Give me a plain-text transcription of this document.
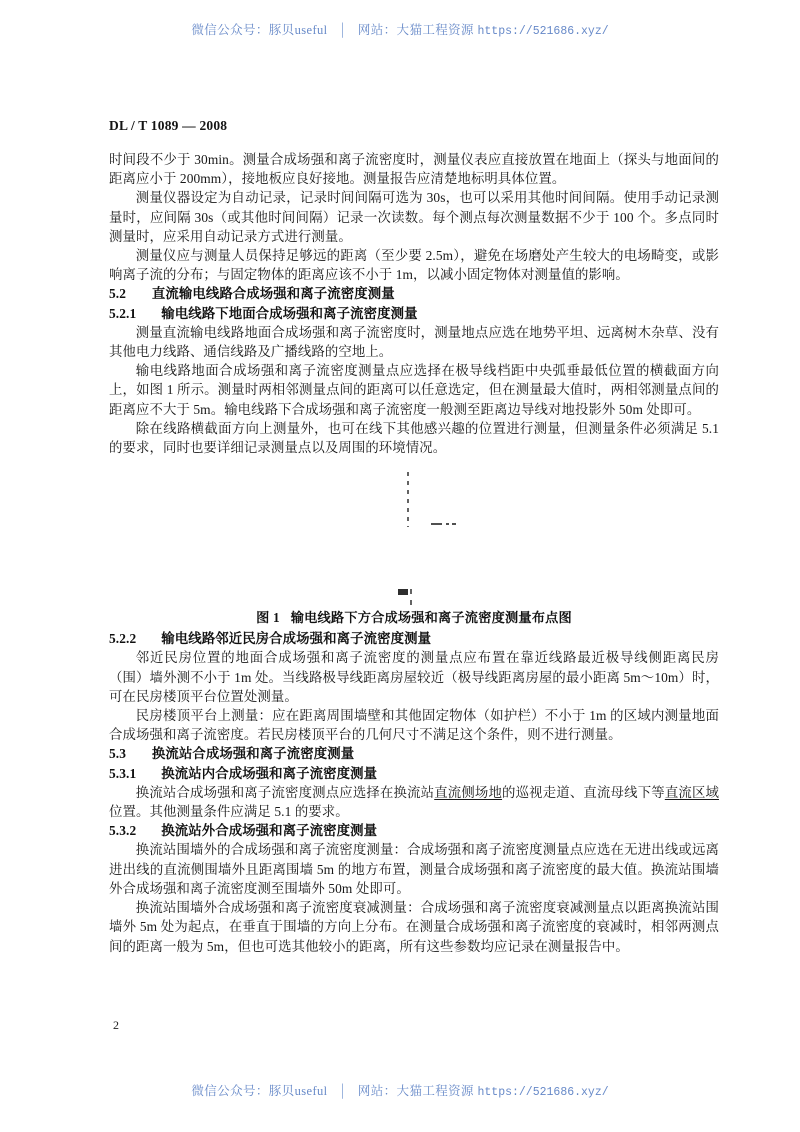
微信公众号：豚贝useful │ 网站：大猫工程资源 https://521686.xyz/
DL / T 1089 — 2008

时间段不少于 30min。测量合成场强和离子流密度时，测量仪表应直接放置在地面上（探头与地面间的距离应小于 200mm），接地板应良好接地。测量报告应清楚地标明具体位置。

测量仪器设定为自动记录，记录时间间隔可选为 30s，也可以采用其他时间间隔。使用手动记录测量时，应间隔 30s（或其他时间间隔）记录一次读数。每个测点每次测量数据不少于 100 个。多点同时测量时，应采用自动记录方式进行测量。

测量仪应与测量人员保持足够远的距离（至少要 2.5m），避免在场磨处产生较大的电场畸变，或影响离子流的分布；与固定物体的距离应该不小于 1m，以减小固定物体对测量值的影响。

5.2 直流输电线路合成场强和离子流密度测量
5.2.1 输电线路下地面合成场强和离子流密度测量

测量直流输电线路地面合成场强和离子流密度时，测量地点应选在地势平坦、远离树木杂草、没有其他电力线路、通信线路及广播线路的空地上。

输电线路地面合成场强和离子流密度测量点应选择在极导线档距中央弧垂最低位置的横截面方向上，如图 1 所示。测量时两相邻测量点间的距离可以任意选定，但在测量最大值时，两相邻测量点间的距离应不大于 5m。输电线路下合成场强和离子流密度一般测至距离边导线对地投影外 50m 处即可。

除在线路横截面方向上测量外，也可在线下其他感兴趣的位置进行测量，但测量条件必须满足 5.1 的要求，同时也要详细记录测量点以及周围的环境情况。

图 1 输电线路下方合成场强和离子流密度测量布点图
5.2.2 输电线路邻近民房合成场强和离子流密度测量

邻近民房位置的地面合成场强和离子流密度的测量点应布置在靠近线路最近极导线侧距离民房（围）墙外测不小于 1m 处。当线路极导线距离房屋较近（极导线距离房屋的最小距离 5m～10m）时，可在民房楼顶平台位置处测量。

民房楼顶平台上测量：应在距离周围墙壁和其他固定物体（如护栏）不小于 1m 的区域内测量地面合成场强和离子流密度。若民房楼顶平台的几何尺寸不满足这个条件，则不进行测量。

5.3 换流站合成场强和离子流密度测量
5.3.1 换流站内合成场强和离子流密度测量

换流站合成场强和离子流密度测点应选择在换流站直流侧场地的巡视走道、直流母线下等直流区域位置。其他测量条件应满足 5.1 的要求。

5.3.2 换流站外合成场强和离子流密度测量

换流站围墙外的合成场强和离子流密度测量：合成场强和离子流密度测量点应选在无进出线或远离进出线的直流侧围墙外且距离围墙 5m 的地方布置，测量合成场强和离子流密度的最大值。换流站围墙外合成场强和离子流密度测至围墙外 50m 处即可。

换流站围墙外合成场强和离子流密度衰减测量：合成场强和离子流密度衰减测量点以距离换流站围墙外 5m 处为起点，在垂直于围墙的方向上分布。在测量合成场强和离子流密度的衰减时，相邻两测点间的距离一般为 5m，但也可选其他较小的距离，所有这些参数均应记录在测量报告中。

2
微信公众号：豚贝useful │ 网站：大猫工程资源 https://521686.xyz/
